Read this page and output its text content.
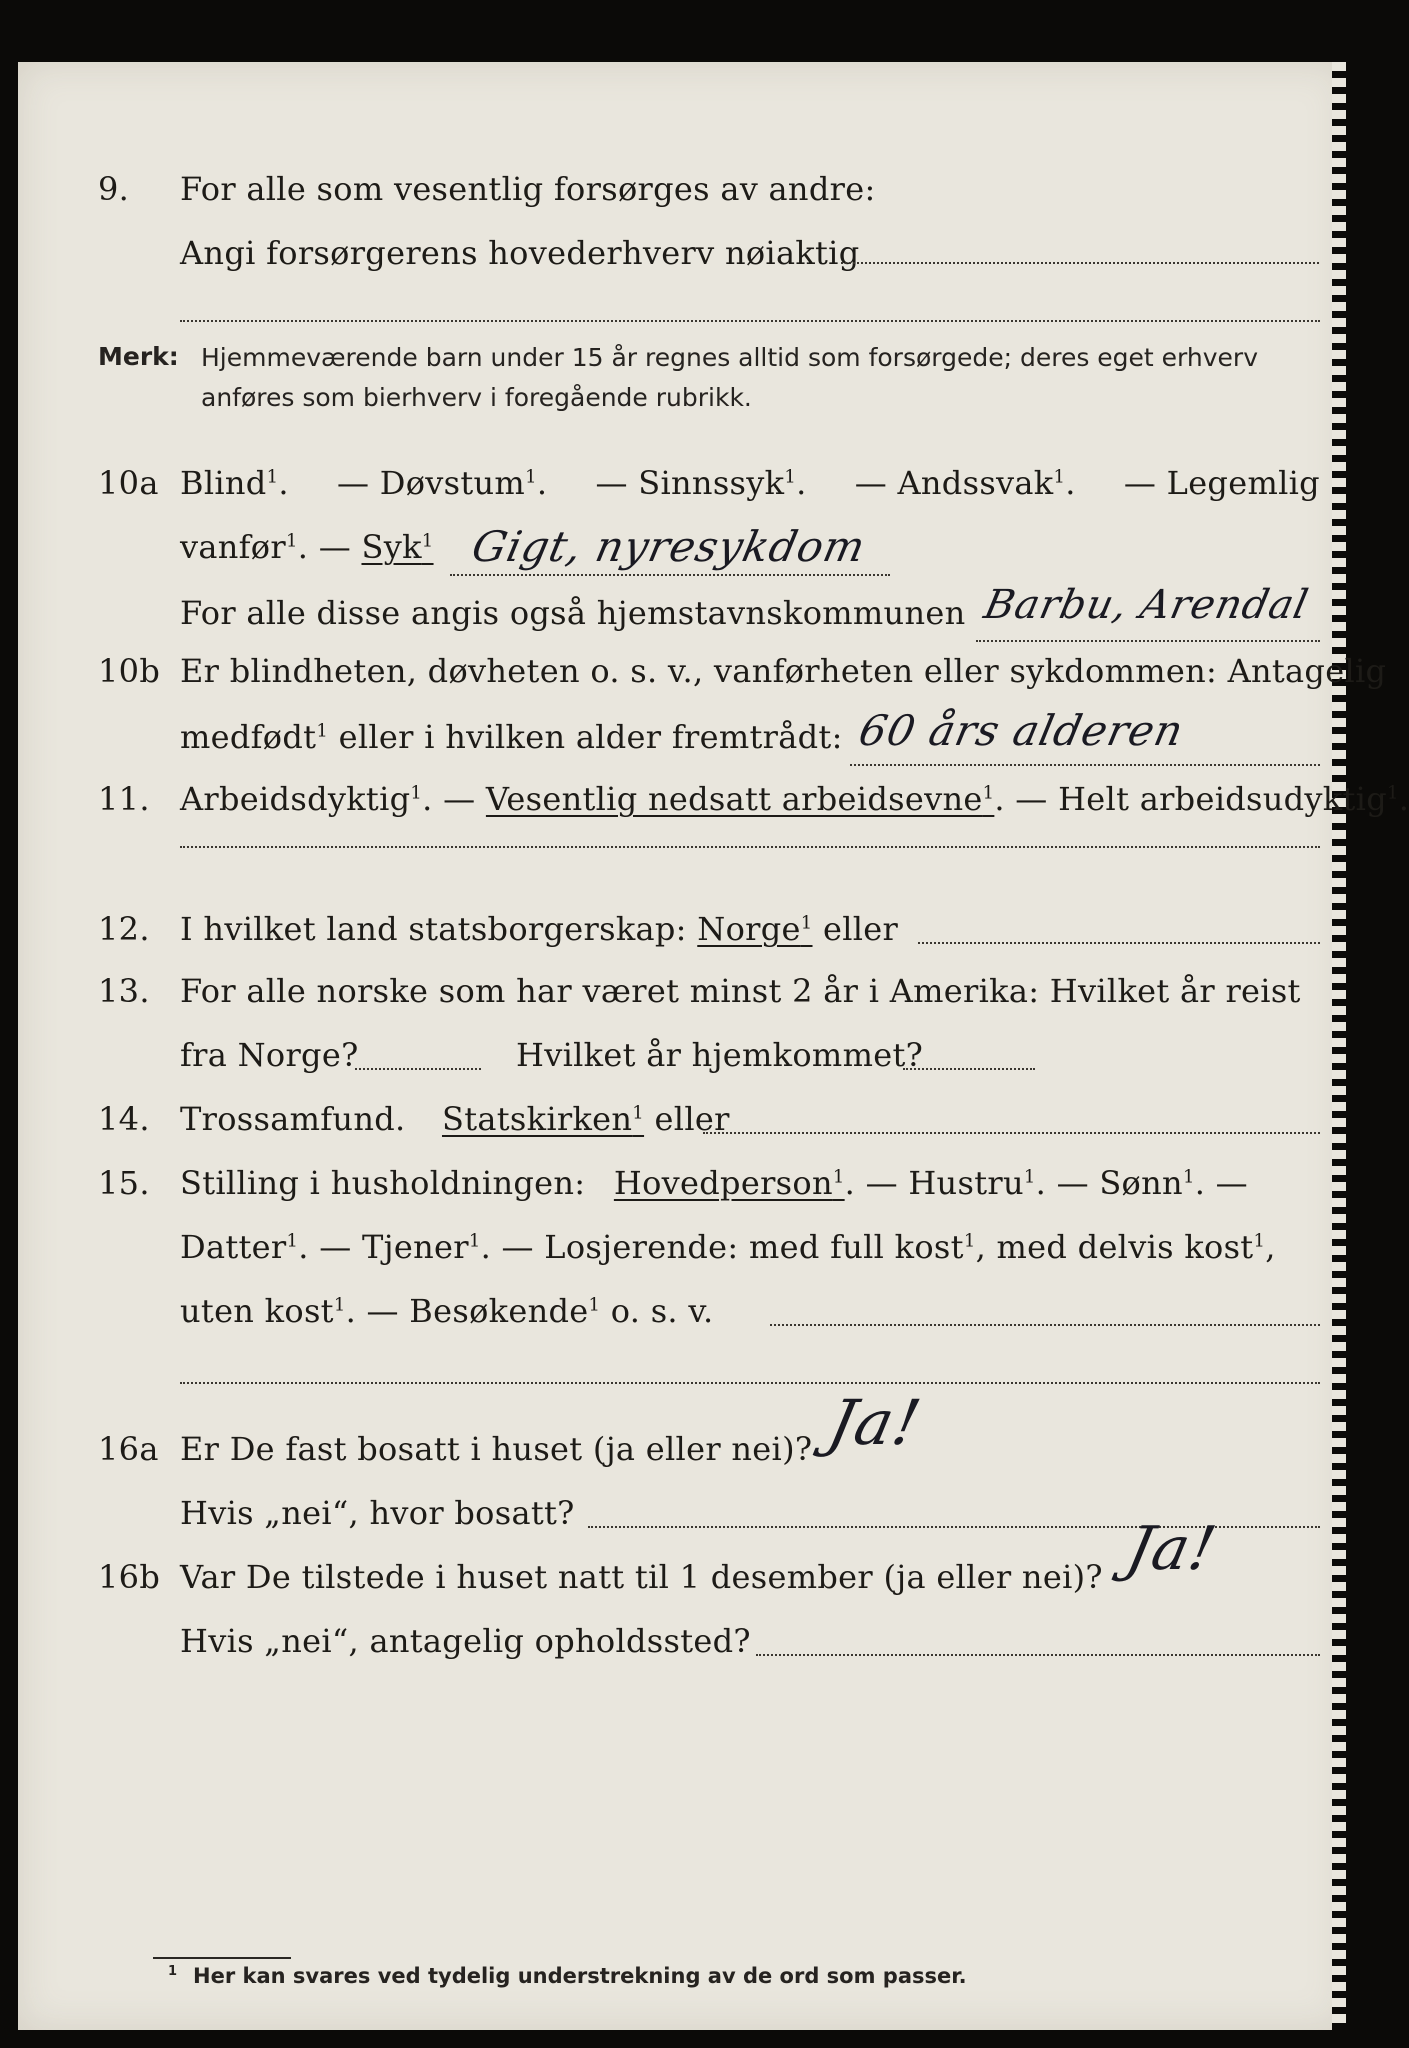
9. For alle som vesentlig forsørges av andre:
Angi forsørgerens hovederhverv nøiaktig
Merk: Hjemmeværende barn under 15 år regnes alltid som forsørgede; deres eget erhverv anføres som bierhverv i foregående rubrikk.
10a Blind$^1$. — Døvstum$^1$. — Sinnssyk$^1$. — Andssvak$^1$. — Legemlig
vanfør$^1$. — Syk$^1$ Gigt, nyresykdom
For alle disse angis også hjemstavnskommunen Barbu, Arendal
10b Er blindheten, døvheten o. s. v., vanførheten eller sykdommen: Antagelig
medfødt$^1$ eller i hvilken alder fremtrådt: 60 års alderen
11. Arbeidsdyktig$^1$. — Vesentlig nedsatt arbeidsevne$^1$. — Helt arbeidsudyktig$^1$.
12. I hvilket land statsborgerskap: Norge$^1$ eller
13. For alle norske som har været minst 2 år i Amerika: Hvilket år reist
fra Norge?	Hvilket år hjemkommet?
14. Trossamfund. Statskirken$^1$ eller
15. Stilling i husholdningen: Hovedperson$^1$. — Hustru$^1$. — Sønn$^1$. —
Datter$^1$. — Tjener$^1$. — Losjerende: med full kost$^1$, med delvis kost$^1$,
uten kost$^1$. — Besøkende$^1$ o. s. v.
16a Er De fast bosatt i huset (ja eller nei)? Ja!
Hvis „nei“, hvor bosatt?
16b Var De tilstede i huset natt til 1 desember (ja eller nei)? Ja!
Hvis „nei“, antagelig opholdssted?
$^1$ Her kan svares ved tydelig understrekning av de ord som passer.
